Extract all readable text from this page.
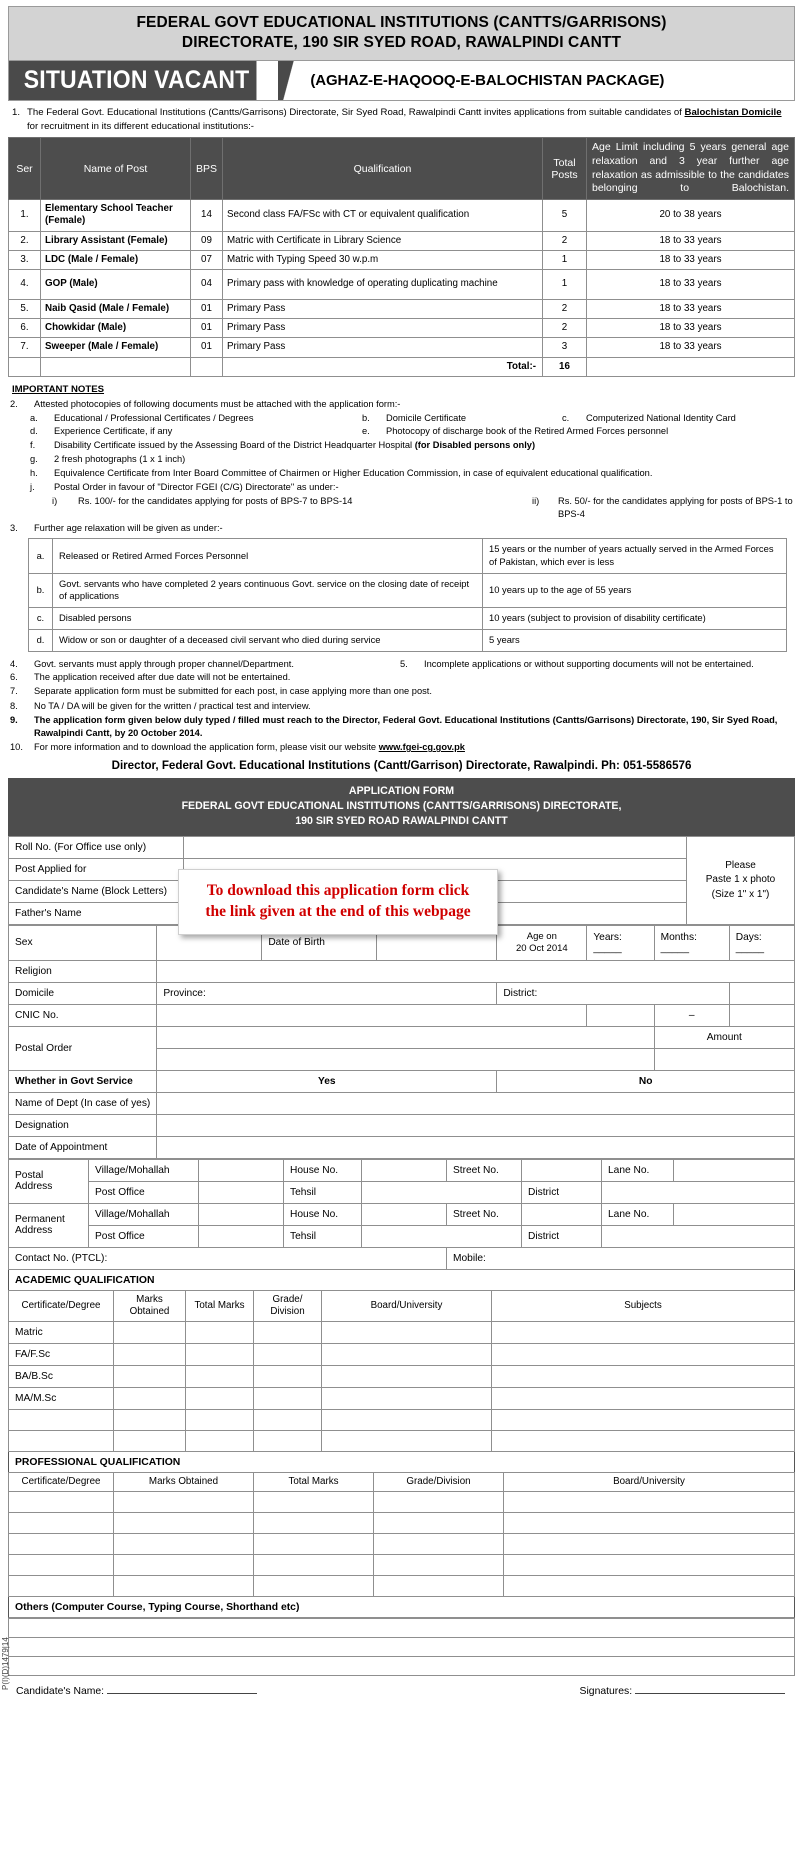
FEDERAL GOVT EDUCATIONAL INSTITUTIONS (CANTTS/GARRISONS)
DIRECTORATE, 190 SIR SYED ROAD, RAWALPINDI CANTT
SITUATION VACANT	(AGHAZ-E-HAQOOQ-E-BALOCHISTAN PACKAGE)
1. The Federal Govt. Educational Institutions (Cantts/Garrisons) Directorate, Sir Syed Road, Rawalpindi Cantt invites applications from suitable candidates of Balochistan Domicile for recruitment in its different educational institutions:-
Ser	Name of Post	BPS	Qualification	Total Posts	Age Limit including 5 years general age relaxation and 3 year further age relaxation as admissible to the candidates belonging to Balochistan.
1.	Elementary School Teacher (Female)	14	Second class FA/FSc with CT or equivalent qualification	5	20 to 38 years
2.	Library Assistant (Female)	09	Matric with Certificate in Library Science	2	18 to 33 years
3.	LDC (Male / Female)	07	Matric with Typing Speed 30 w.p.m	1	18 to 33 years
4.	GOP (Male)	04	Primary pass with knowledge of operating duplicating machine	1	18 to 33 years
5.	Naib Qasid (Male / Female)	01	Primary Pass	2	18 to 33 years
6.	Chowkidar (Male)	01	Primary Pass	2	18 to 33 years
7.	Sweeper (Male / Female)	01	Primary Pass	3	18 to 33 years
			Total:-	16	
IMPORTANT NOTES
2.	Attested photocopies of following documents must be attached with the application form:-
a.	Educational / Professional Certificates / Degrees	b.	Domicile Certificate	c.	Computerized National Identity Card
d.	Experience Certificate, if any	e.	Photocopy of discharge book of the Retired Armed Forces personnel
f.	Disability Certificate issued by the Assessing Board of the District Headquarter Hospital (for Disabled persons only)
g.	2 fresh photographs (1 x 1 inch)
h.	Equivalence Certificate from Inter Board Committee of Chairmen or Higher Education Commission, in case of equivalent educational qualification.
j.	Postal Order in favour of "Director FGEI (C/G) Directorate" as under:-
i)	Rs. 100/- for the candidates applying for posts of BPS-7 to BPS-14	ii)	Rs. 50/- for the candidates applying for posts of BPS-1 to BPS-4
3.	Further age relaxation will be given as under:-
a.	Released or Retired Armed Forces Personnel	15 years or the number of years actually served in the Armed Forces of Pakistan, which ever is less
b.	Govt. servants who have completed 2 years continuous Govt. service on the closing date of receipt of applications	10 years up to the age of 55 years
c.	Disabled persons	10 years (subject to provision of disability certificate)
d.	Widow or son or daughter of a deceased civil servant who died during service	5 years
4.	Govt. servants must apply through proper channel/Department.	5.	Incomplete applications or without supporting documents will not be entertained.
6.	The application received after due date will not be entertained.
7.	Separate application form must be submitted for each post, in case applying more than one post.
8.	No TA / DA will be given for the written / practical test and interview.
9.	The application form given below duly typed / filled must reach to the Director, Federal Govt. Educational Institutions (Cantts/Garrisons) Directorate, 190, Sir Syed Road, Rawalpindi Cantt, by 20 October 2014.
10.	For more information and to download the application form, please visit our website www.fgei-cg.gov.pk
Director, Federal Govt. Educational Institutions (Cantt/Garrison) Directorate, Rawalpindi. Ph: 051-5586576
APPLICATION FORM
FEDERAL GOVT EDUCATIONAL INSTITUTIONS (CANTTS/GARRISONS) DIRECTORATE,
190 SIR SYED ROAD RAWALPINDI CANTT
Roll No. (For Office use only)		Please
Paste 1 x photo
(Size 1" x 1")

Post Applied for		
Candidate's Name (Block Letters)		
Father's Name		
Sex		Date of Birth		Age on
20 Oct 2014	Years: _____	Months: _____	Days: _____
Religion							
Domicile	Province:			District:			
CNIC No.						–	
Postal Order						Amount	

Whether in Govt Service	Yes			No			
Name of Dept (In case of yes)							
Designation							
Date of Appointment							
Postal
Address	Village/Mohallah		House No.		Street No.		Lane No.	
	Post Office		Tehsil			District		

Permanent
Address	Village/Mohallah		House No.		Street No.		Lane No.	
	Post Office		Tehsil			District		
Contact No. (PTCL):					Mobile:			
ACADEMIC QUALIFICATION
Certificate/Degree	Marks Obtained	Total Marks	Grade/ Division	Board/University	Subjects
Matric					
FA/F.Sc					
BA/B.Sc					
MA/M.Sc					

PROFESSIONAL QUALIFICATION
Certificate/Degree	Marks Obtained	Total Marks	Grade/Division	Board/University

Others (Computer Course, Typing Course, Shorthand etc)

Candidate's Name:	Signatures:
P(I)(D)1479|14
To download this application form click
the link given at the end of this webpage
